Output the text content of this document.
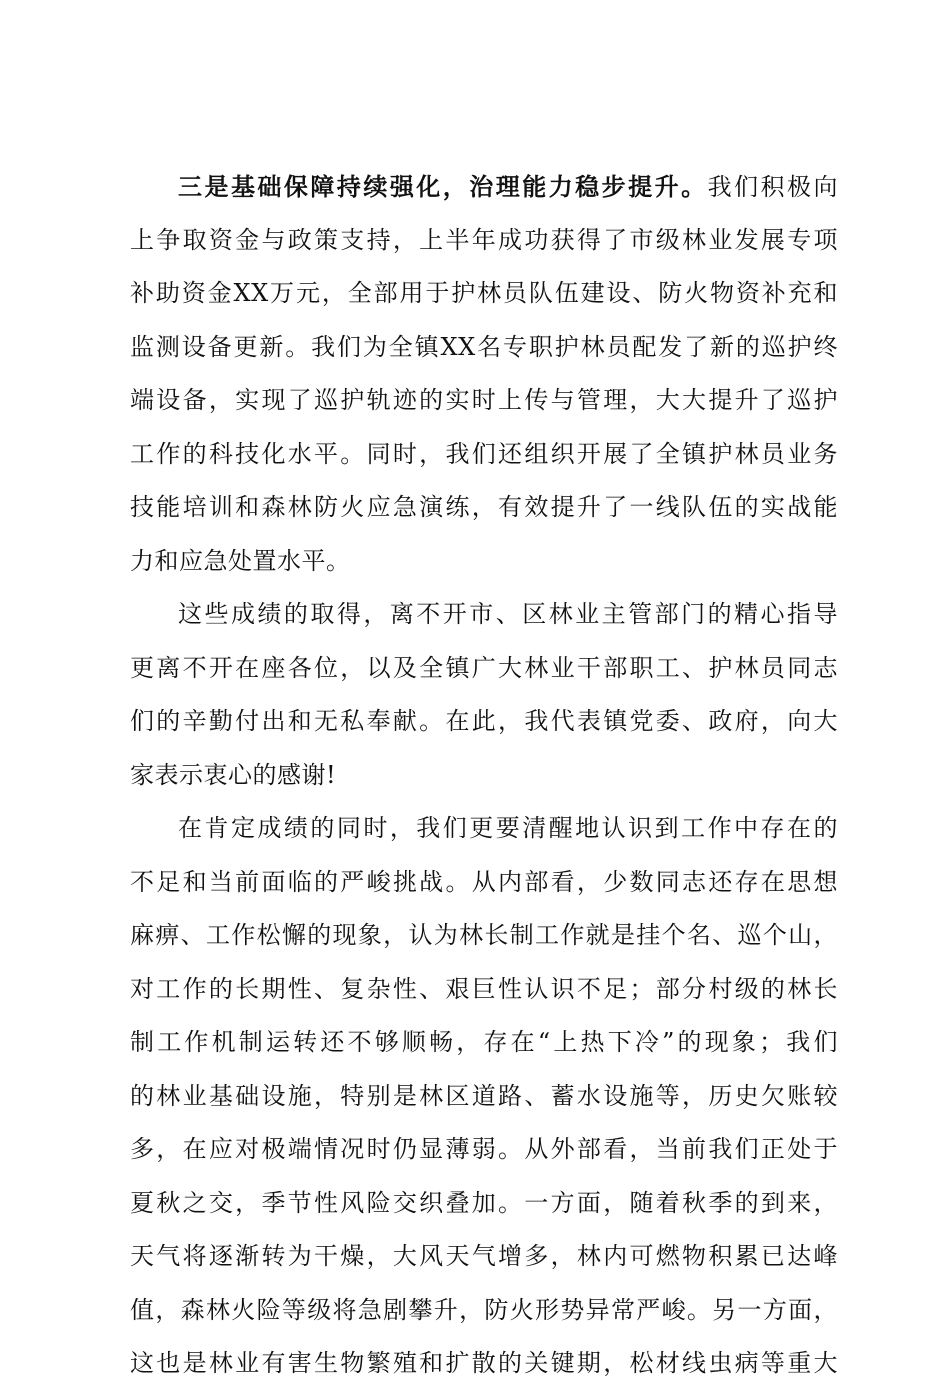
三是基础保障持续强化，治理能力稳步提升。我们积极向
上争取资金与政策支持，上半年成功获得了市级林业发展专项
补助资金XX万元，全部用于护林员队伍建设、防火物资补充和
监测设备更新。我们为全镇XX名专职护林员配发了新的巡护终
端设备，实现了巡护轨迹的实时上传与管理，大大提升了巡护
工作的科技化水平。同时，我们还组织开展了全镇护林员业务
技能培训和森林防火应急演练，有效提升了一线队伍的实战能
力和应急处置水平。
这些成绩的取得，离不开市、区林业主管部门的精心指导
更离不开在座各位，以及全镇广大林业干部职工、护林员同志
们的辛勤付出和无私奉献。在此，我代表镇党委、政府，向大
家表示衷心的感谢!
在肯定成绩的同时，我们更要清醒地认识到工作中存在的
不足和当前面临的严峻挑战。从内部看，少数同志还存在思想
麻痹、工作松懈的现象，认为林长制工作就是挂个名、巡个山，
对工作的长期性、复杂性、艰巨性认识不足；部分村级的林长
制工作机制运转还不够顺畅，存在“上热下冷”的现象；我们
的林业基础设施，特别是林区道路、蓄水设施等，历史欠账较
多，在应对极端情况时仍显薄弱。从外部看，当前我们正处于
夏秋之交，季节性风险交织叠加。一方面，随着秋季的到来，
天气将逐渐转为干燥，大风天气增多，林内可燃物积累已达峰
值，森林火险等级将急剧攀升，防火形势异常严峻。另一方面，
这也是林业有害生物繁殖和扩散的关键期，松材线虫病等重大
